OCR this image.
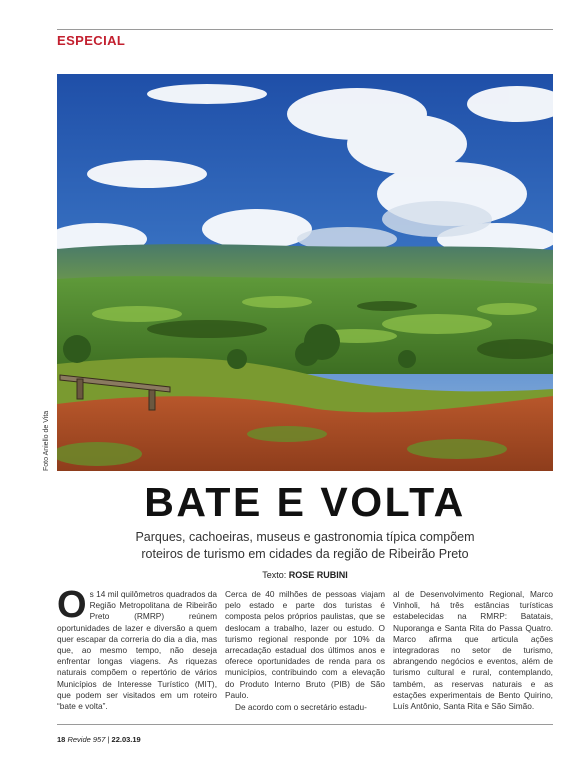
ESPECIAL
Foto Aniello de Vita
BATE E VOLTA
Parques, cachoeiras, museus e gastronomia típica compõem
roteiros de turismo em cidades da região de Ribeirão Preto
Texto: ROSE RUBINI
O s 14 mil quilômetros quadrados da Região Metropolitana de Ribeirão Preto (RMRP) reúnem oportunidades de lazer e diversão a quem quer escapar da correria do dia a dia, mas que, ao mesmo tempo, não deseja enfrentar longas viagens. As riquezas naturais compõem o repertório de vários Municípios de Interesse Turístico (MIT), que podem ser visitados em um roteiro “bate e volta”.

Cerca de 40 milhões de pessoas viajam pelo estado e parte dos turistas é composta pelos próprios paulistas, que se deslocam a trabalho, lazer ou estudo. O turismo regional responde por 10% da arrecadação estadual dos últimos anos e oferece oportunidades de renda para os municípios, contribuindo com a elevação do Produto Interno Bruto (PIB) de São Paulo.

De acordo com o secretário estadu-

al de Desenvolvimento Regional, Marco Vinholi, há três estâncias turísticas estabelecidas na RMRP: Batatais, Nuporanga e Santa Rita do Passa Quatro. Marco afirma que articula ações integradoras no setor de turismo, abrangendo negócios e eventos, além de turismo cultural e rural, contemplando, também, as reservas naturais e as estações experimentais de Bento Quirino, Luís Antônio, Santa Rita e São Simão.

18 Revide 957 | 22.03.19
